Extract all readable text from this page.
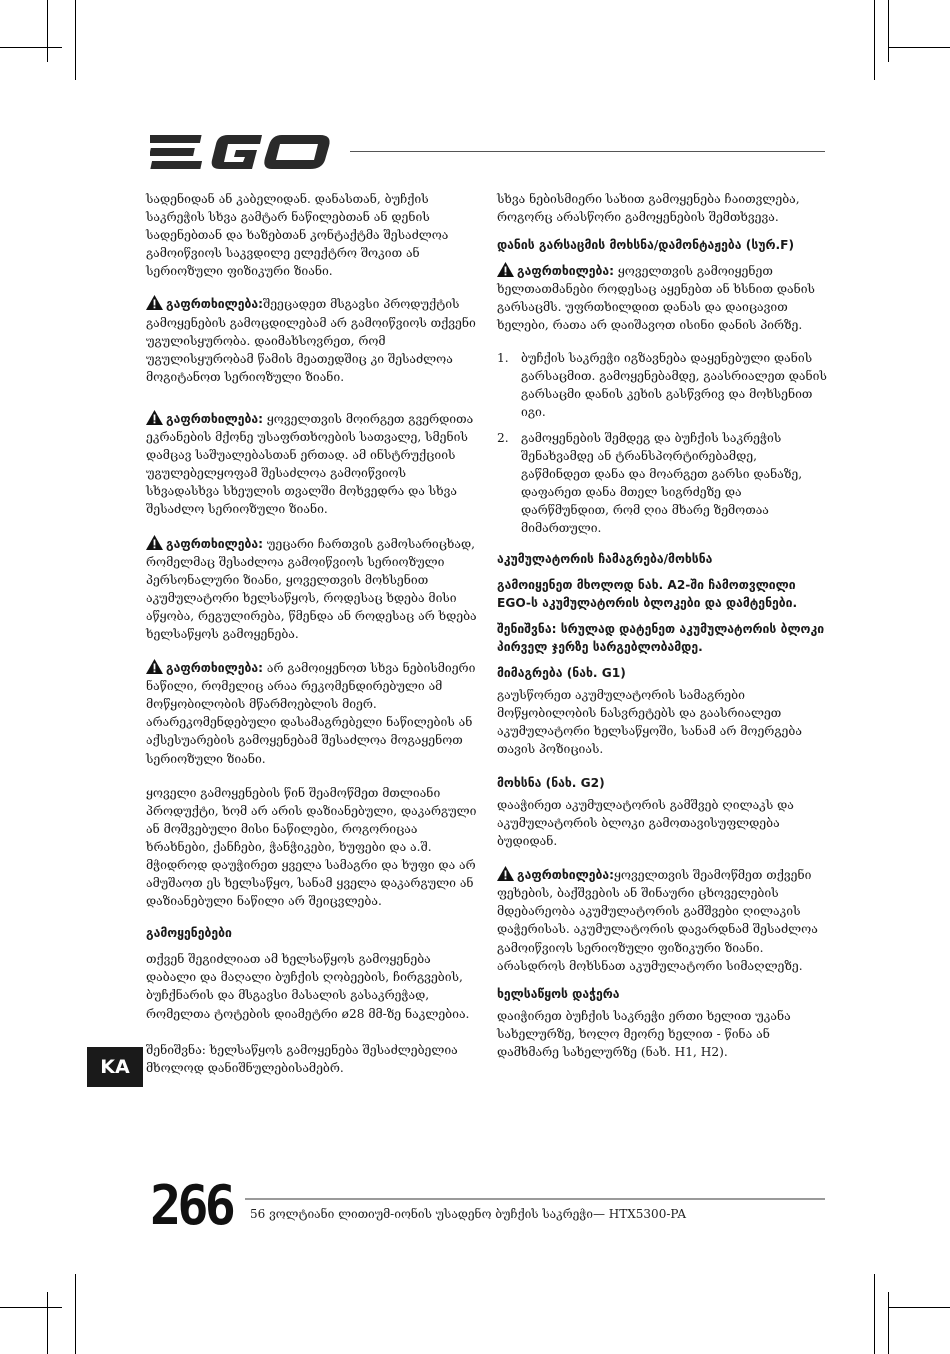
სადენიდან ან კაბელიდან. დანასთან, ბუჩქის საკრეჭის სხვა გამტარ ნაწილებთან ან დენის სადენებთან და ხაზებთან კონტაქტმა შესაძლოა გამოიწვიოს საკვდილე ელექტრო შოკით ან სერიოზული ფიზიკური ზიანი.

გაფრთხილება:შეეცადეთ მსგავსი პროდუქტის გამოყენების გამოცდილებამ არ გამოიწვიოს თქვენი უგულისყურობა. დაიმახსოვრეთ, რომ უგულისყურობამ წამის მეათედშიც კი შესაძლოა მოგიტანოთ სერიოზული ზიანი.

გაფრთხილება: ყოველთვის მოირგეთ გვერდითა ეკრანების მქონე უსაფრთხოების სათვალე, სმენის დამცავ საშუალებასთან ერთად. ამ ინსტრუქციის უგულებელყოფამ შესაძლოა გამოიწვიოს სხვადასხვა სხეულის თვალში მოხვედრა და სხვა შესაძლო სერიოზული ზიანი.

გაფრთხილება: უეცარი ჩართვის გამოსარიცხად, რომელმაც შესაძლოა გამოიწვიოს სერიოზული პერსონალური ზიანი, ყოველთვის მოხსენით აკუმულატორი ხელსაწყოს, როდესაც ხდება მისი აწყობა, რეგულირება, წმენდა ან როდესაც არ ხდება ხელსაწყოს გამოყენება.

გაფრთხილება: არ გამოიყენოთ სხვა ნებისმიერი ნაწილი, რომელიც არაა რეკომენდირებული ამ მოწყობილობის მწარმოებლის მიერ. არარეკომენდებული დასამაგრებელი ნაწილების ან აქსესუარების გამოყენებამ შესაძლოა მოგაყენოთ სერიოზული ზიანი.

ყოველი გამოყენების წინ შეამოწმეთ მთლიანი პროდუქტი, ხომ არ არის დაზიანებული, დაკარგული ან მოშვებული მისი ნაწილები, როგორიცაა ხრახნები, ქანჩები, ჭანჭიკები, ხუფები და ა.შ. მჭიდროდ დაუჭირეთ ყველა სამაგრი და ხუფი და არ ამუშაოთ ეს ხელსაწყო, სანამ ყველა დაკარგული ან დაზიანებული ნაწილი არ შეიცვლება.

გამოყენებები

თქვენ შეგიძლიათ ამ ხელსაწყოს გამოყენება დაბალი და მაღალი ბუჩქის ღობეების, ჩირგვების, ბუჩქნარის და მსგავსი მასალის გასაკრეჭად, რომელთა ტოტების დიამეტრი ø28 მმ-ზე ნაკლებია.

შენიშვნა: ხელსაწყოს გამოყენება შესაძლებელია მხოლოდ დანიშნულებისამებრ.

სხვა ნებისმიერი სახით გამოყენება ჩაითვლება, როგორც არასწორი გამოყენების შემთხვევა.

დანის გარსაცმის მოხსნა/დამონტაჟება (სურ.F)

გაფრთხილება: ყოველთვის გამოიყენეთ ხელთათმანები როდესაც აყენებთ ან ხსნით დანის გარსაცმს. უფრთხილდით დანას და დაიცავით ხელები, რათა არ დაიშავოთ ისინი დანის პირზე.

1. ბუჩქის საკრეჭი იგზავნება დაყენებული დანის გარსაცმით. გამოყენებამდე, გაასრიალეთ დანის გარსაცმი დანის კეხის გასწვრივ და მოხსენით იგი.
2. გამოყენების შემდეგ და ბუჩქის საკრეჭის შენახვამდე ან ტრანსპორტირებამდე, გაწმინდეთ დანა და მოარგეთ გარსი დანაზე, დაფარეთ დანა მთელ სიგრძეზე და დარწმუნდით, რომ ღია მხარე ზემოთაა მიმართული.
აკუმულატორის ჩამაგრება/მოხსნა
გამოიყენეთ მხოლოდ ნახ. A2-ში ჩამოთვლილი EGO-ს აკუმულატორის ბლოკები და დამტენები.
შენიშვნა: სრულად დატენეთ აკუმულატორის ბლოკი პირველ ჯერზე სარგებლობამდე.
მიმაგრება (ნახ. G1)

გაუსწორეთ აკუმულატორის სამაგრები მოწყობილობის ნასვრეტებს და გაასრიალეთ აკუმულატორი ხელსაწყოში, სანამ არ მოერგება თავის პოზიციას.

მოხსნა (ნახ. G2)

დააჭირეთ აკუმულატორის გამშვებ ღილაკს და აკუმულატორის ბლოკი გამოთავისუფლდება ბუდიდან.

გაფრთხილება:ყოველთვის შეამოწმეთ თქვენი ფეხების, ბაქშვების ან შინაური ცხოველების მდებარეობა აკუმულატორის გამშვები ღილაკის დაჭერისას. აკუმულატორის დავარდნამ შესაძლოა გამოიწვიოს სერიოზული ფიზიკური ზიანი. არასდროს მოხსნათ აკუმულატორი სიმაღლეზე.

ხელსაწყოს დაჭერა

დაიჭირეთ ბუჩქის საკრეჭი ერთი ხელით უკანა სახელურზე, ხოლო მეორე ხელით - წინა ან დამხმარე სახელურზე (ნახ. H1, H2).

KA
266 56 ვოლტიანი ლითიუმ-იონის უსადენო ბუჩქის საკრეჭი— HTX5300-PA
